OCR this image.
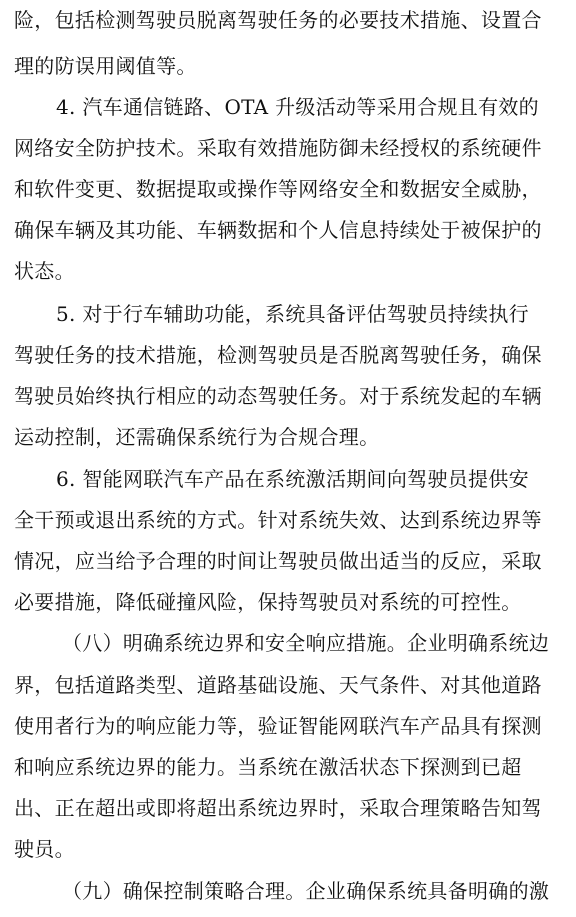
险，包括检测驾驶员脱离驾驶任务的必要技术措施、设置合
理的防误用阈值等。
4. 汽车通信链路、OTA 升级活动等采用合规且有效的
网络安全防护技术。采取有效措施防御未经授权的系统硬件
和软件变更、数据提取或操作等网络安全和数据安全威胁，
确保车辆及其功能、车辆数据和个人信息持续处于被保护的
状态。
5. 对于行车辅助功能，系统具备评估驾驶员持续执行
驾驶任务的技术措施，检测驾驶员是否脱离驾驶任务，确保
驾驶员始终执行相应的动态驾驶任务。对于系统发起的车辆
运动控制，还需确保系统行为合规合理。
6. 智能网联汽车产品在系统激活期间向驾驶员提供安
全干预或退出系统的方式。针对系统失效、达到系统边界等
情况，应当给予合理的时间让驾驶员做出适当的反应，采取
必要措施，降低碰撞风险，保持驾驶员对系统的可控性。
（八）明确系统边界和安全响应措施。企业明确系统边
界，包括道路类型、道路基础设施、天气条件、对其他道路
使用者行为的响应能力等，验证智能网联汽车产品具有探测
和响应系统边界的能力。当系统在激活状态下探测到已超
出、正在超出或即将超出系统边界时，采取合理策略告知驾
驶员。
（九）确保控制策略合理。企业确保系统具备明确的激
